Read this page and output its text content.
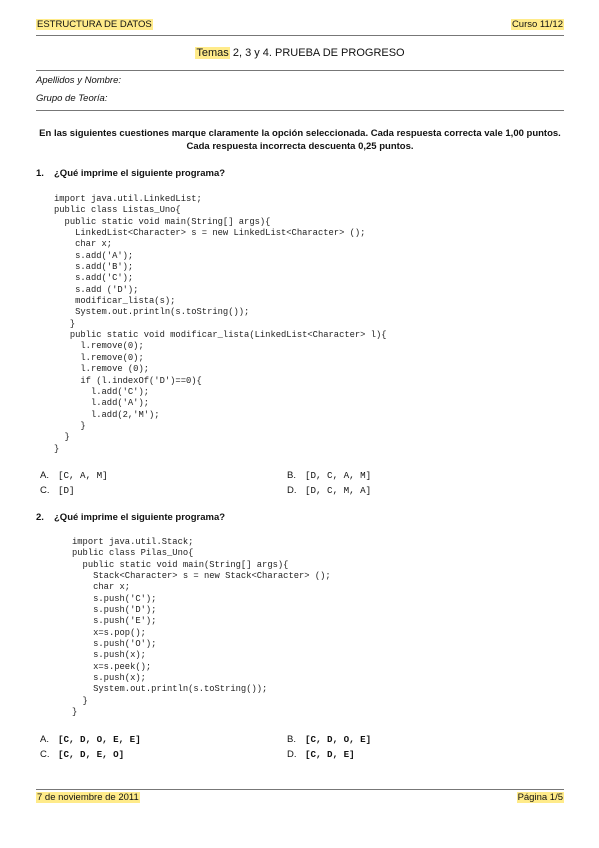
ESTRUCTURA DE DATOS	Curso 11/12
Temas 2, 3 y 4. PRUEBA DE PROGRESO
Apellidos y Nombre:
Grupo de Teoría:
En las siguientes cuestiones marque claramente la opción seleccionada. Cada respuesta correcta vale 1,00 puntos.
Cada respuesta incorrecta descuenta 0,25 puntos.
1. ¿Qué imprime el siguiente programa?
import java.util.LinkedList;
public class Listas_Uno{
public static void main(String[] args){
LinkedList<Character> s = new LinkedList<Character> ();
char x;
s.add('A');
s.add('B');
s.add('C');
s.add ('D');
modificar_lista(s);
System.out.println(s.toString());
}
public static void modificar_lista(LinkedList<Character> l){
l.remove(0);
l.remove(0);
l.remove (0);
if (l.indexOf('D')==0){
l.add('C');
l.add('A');
l.add(2,'M');
}
}
}
A. [C, A, M]	B. [D, C, A, M]
C. [D]	D. [D, C, M, A]
2. ¿Qué imprime el siguiente programa?
import java.util.Stack;
public class Pilas_Uno{
public static void main(String[] args){
Stack<Character> s = new Stack<Character> ();
char x;
s.push('C');
s.push('D');
s.push('E');
x=s.pop();
s.push('O');
s.push(x);
x=s.peek();
s.push(x);
System.out.println(s.toString());
}
}
A. [C, D, O, E, E]	B. [C, D, O, E]
C. [C, D, E, O]	D. [C, D, E]
7 de noviembre de 2011	Página 1/5
